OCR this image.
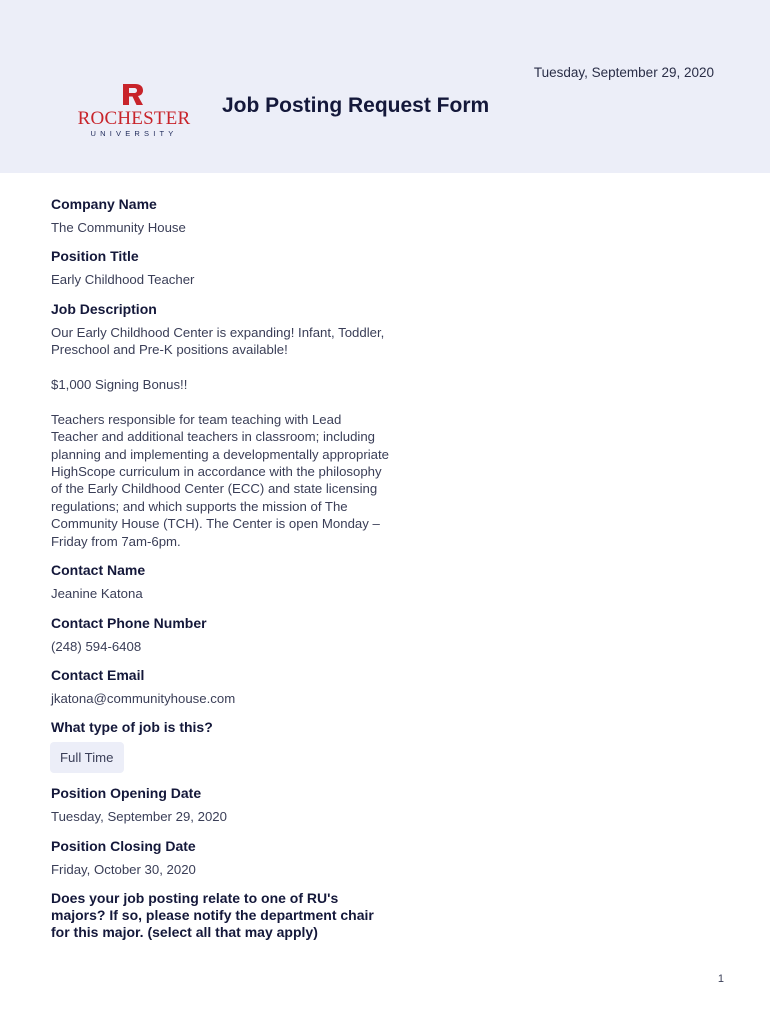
Tuesday, September 29, 2020
ROCHESTER
UNIVERSITY
Job Posting Request Form
Company Name
The Community House
Position Title
Early Childhood Teacher
Job Description
Our Early Childhood Center is expanding! Infant, Toddler, Preschool and Pre-K positions available!

$1,000 Signing Bonus!!

Teachers responsible for team teaching with Lead Teacher and additional teachers in classroom; including planning and implementing a developmentally appropriate HighScope curriculum in accordance with the philosophy of the Early Childhood Center (ECC) and state licensing regulations; and which supports the mission of The Community House (TCH). The Center is open Monday – Friday from 7am-6pm.
Contact Name
Jeanine Katona
Contact Phone Number
(248) 594-6408
Contact Email
jkatona@communityhouse.com
What type of job is this?
Full Time
Position Opening Date
Tuesday, September 29, 2020
Position Closing Date
Friday, October 30, 2020
Does your job posting relate to one of RU's majors? If so, please notify the department chair for this major. (select all that may apply)
1
